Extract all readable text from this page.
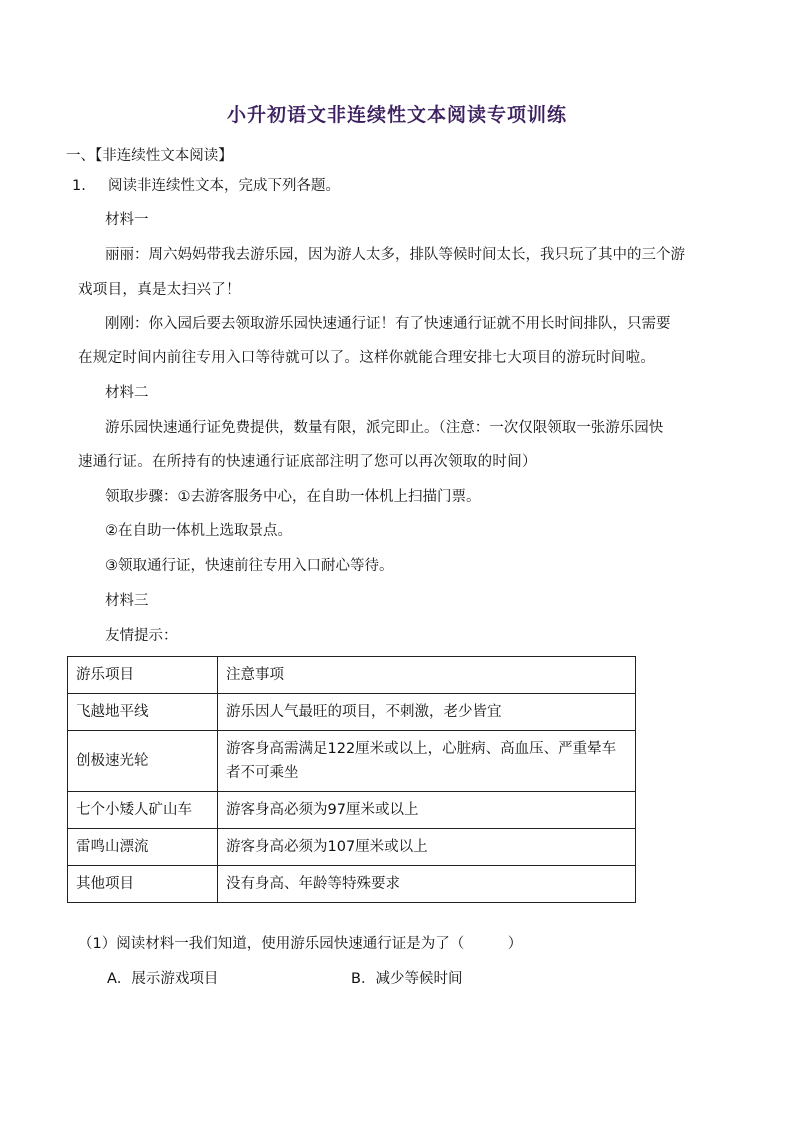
小升初语文非连续性文本阅读专项训练
一、【非连续性文本阅读】
1. 阅读非连续性文本，完成下列各题。
材料一
丽丽：周六妈妈带我去游乐园，因为游人太多，排队等候时间太长，我只玩了其中的三个游
戏项目，真是太扫兴了！
刚刚：你入园后要去领取游乐园快速通行证！有了快速通行证就不用长时间排队，只需要
在规定时间内前往专用入口等待就可以了。这样你就能合理安排七大项目的游玩时间啦。
材料二
游乐园快速通行证免费提供，数量有限，派完即止。（注意：一次仅限领取一张游乐园快
速通行证。在所持有的快速通行证底部注明了您可以再次领取的时间）
领取步骤：①去游客服务中心，在自助一体机上扫描门票。
②在自助一体机上选取景点。
③领取通行证，快速前往专用入口耐心等待。
材料三
友情提示：
游乐项目	注意事项
飞越地平线	游乐因人气最旺的项目，不刺激，老少皆宜
创极速光轮	游客身高需满足122厘米或以上，心脏病、高血压、严重晕车者不可乘坐
七个小矮人矿山车	游客身高必须为97厘米或以上
雷鸣山漂流	游客身高必须为107厘米或以上
其他项目	没有身高、年龄等特殊要求
（1）阅读材料一我们知道，使用游乐园快速通行证是为了（　　　）
A．展示游戏项目	B．减少等候时间
